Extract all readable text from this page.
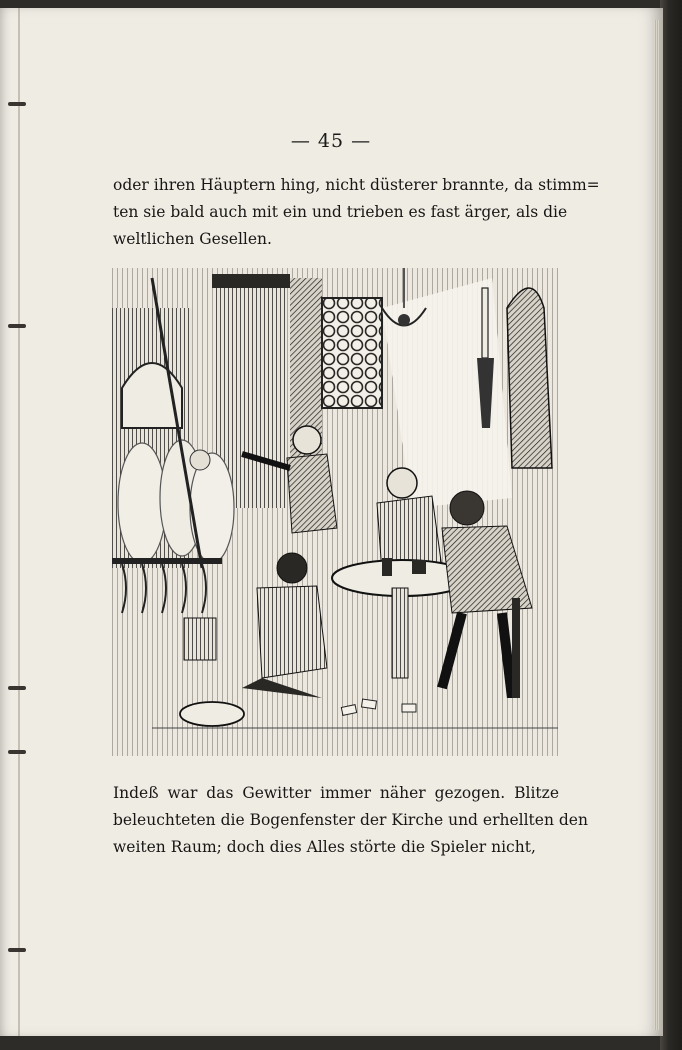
— 45 —
oder ihren Häuptern hing, nicht düsterer brannte, da stimm=
ten sie bald auch mit ein und trieben es fast ärger, als die
weltlichen Gesellen.
Indeß war das Gewitter immer näher gezogen. Blitze
beleuchteten die Bogenfenster der Kirche und erhellten den
weiten Raum; doch dies Alles störte die Spieler nicht,
